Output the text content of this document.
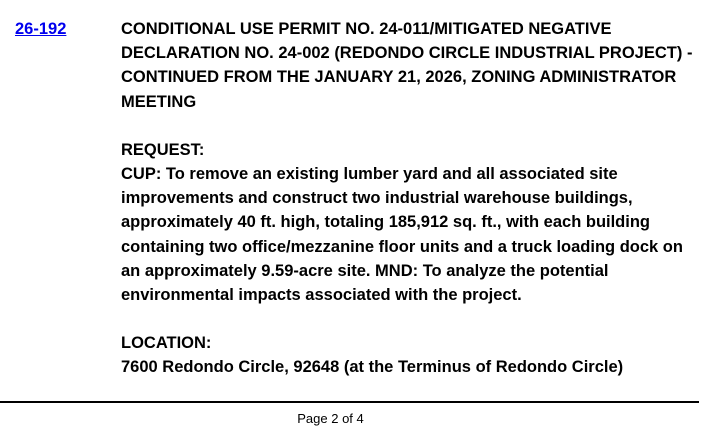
26-192	CONDITIONAL USE PERMIT NO. 24-011/MITIGATED NEGATIVE DECLARATION NO. 24-002 (REDONDO CIRCLE INDUSTRIAL PROJECT) - CONTINUED FROM THE JANUARY 21, 2026, ZONING ADMINISTRATOR MEETING

REQUEST:

CUP: To remove an existing lumber yard and all associated site improvements and construct two industrial warehouse buildings, approximately 40 ft. high, totaling 185,912 sq. ft., with each building containing two office/mezzanine floor units and a truck loading dock on an approximately 9.59-acre site. MND: To analyze the potential environmental impacts associated with the project.

LOCATION:

7600 Redondo Circle, 92648 (at the Terminus of Redondo Circle)

Page 2 of 4
